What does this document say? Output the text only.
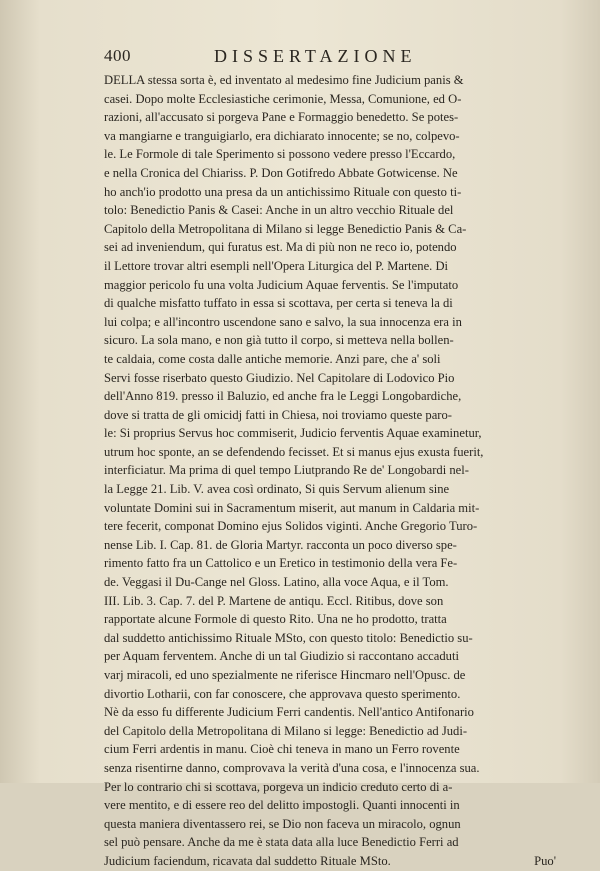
400	DISSERTAZIONE
DELLA stessa sorta è, ed inventato al medesimo fine Judicium panis &
casei. Dopo molte Ecclesiastiche cerimonie, Messa, Comunione, ed O-
razioni, all'accusato si porgeva Pane e Formaggio benedetto. Se potes-
va mangiarne e tranguigiarlo, era dichiarato innocente; se no, colpevo-
le. Le Formole di tale Sperimento si possono vedere presso l'Eccardo,
e nella Cronica del Chiariss. P. Don Gotifredo Abbate Gotwicense. Ne
ho anch'io prodotto una presa da un antichissimo Rituale con questo ti-
tolo: Benedictio Panis & Casei: Anche in un altro vecchio Rituale del
Capitolo della Metropolitana di Milano si legge Benedictio Panis & Ca-
sei ad inveniendum, qui furatus est. Ma di più non ne reco io, potendo
il Lettore trovar altri esempli nell'Opera Liturgica del P. Martene. Di
maggior pericolo fu una volta Judicium Aquae ferventis. Se l'imputato
di qualche misfatto tuffato in essa si scottava, per certa si teneva la di
lui colpa; e all'incontro uscendone sano e salvo, la sua innocenza era in
sicuro. La sola mano, e non già tutto il corpo, si metteva nella bollen-
te caldaia, come costa dalle antiche memorie. Anzi pare, che a' soli
Servi fosse riserbato questo Giudizio. Nel Capitolare di Lodovico Pio
dell'Anno 819. presso il Baluzio, ed anche fra le Leggi Longobardiche,
dove si tratta de gli omicidj fatti in Chiesa, noi troviamo queste paro-
le: Si proprius Servus hoc commiserit, Judicio ferventis Aquae examinetur,
utrum hoc sponte, an se defendendo fecisset. Et si manus ejus exusta fuerit,
interficiatur. Ma prima di quel tempo Liutprando Re de' Longobardi nel-
la Legge 21. Lib. V. avea così ordinato, Si quis Servum alienum sine
voluntate Domini sui in Sacramentum miserit, aut manum in Caldaria mit-
tere fecerit, componat Domino ejus Solidos viginti. Anche Gregorio Turo-
nense Lib. I. Cap. 81. de Gloria Martyr. racconta un poco diverso spe-
rimento fatto fra un Cattolico e un Eretico in testimonio della vera Fe-
de. Veggasi il Du-Cange nel Gloss. Latino, alla voce Aqua, e il Tom.
III. Lib. 3. Cap. 7. del P. Martene de antiqu. Eccl. Ritibus, dove son
rapportate alcune Formole di questo Rito. Una ne ho prodotto, tratta
dal suddetto antichissimo Rituale MSto, con questo titolo: Benedictio su-
per Aquam ferventem. Anche di un tal Giudizio si raccontano accaduti
varj miracoli, ed uno spezialmente ne riferisce Hincmaro nell'Opusc. de
divortio Lotharii, con far conoscere, che approvava questo sperimento.
Nè da esso fu differente Judicium Ferri candentis. Nell'antico Antifonario
del Capitolo della Metropolitana di Milano si legge: Benedictio ad Judi-
cium Ferri ardentis in manu. Cioè chi teneva in mano un Ferro rovente
senza risentirne danno, comprovava la verità d'una cosa, e l'innocenza sua.
Per lo contrario chi si scottava, porgeva un indicio creduto certo di a-
vere mentito, e di essere reo del delitto impostogli. Quanti innocenti in
questa maniera diventassero rei, se Dio non faceva un miracolo, ognun
sel può pensare. Anche da me è stata data alla luce Benedictio Ferri ad
Judicium faciendum, ricavata dal suddetto Rituale MSto.	Puo'
